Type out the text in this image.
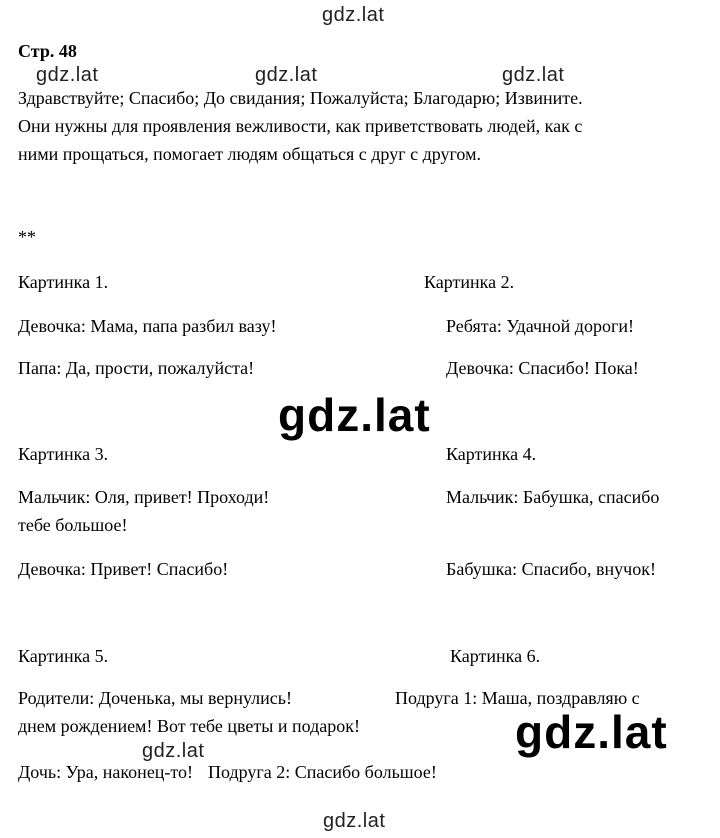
gdz.lat
gdz.lat	gdz.lat	gdz.lat
gdz.lat
gdz.lat
gdz.lat
gdz.lat
Стр. 48
Здравствуйте; Спасибо; До свидания; Пожалуйста; Благодарю; Извините.
Они нужны для проявления вежливости, как приветствовать людей, как с
ними прощаться, помогает людям общаться с друг с другом.
**
Картинка 1.
Девочка: Мама, папа разбил вазу!
Папа: Да, прости, пожалуйста!
Картинка 2.
Ребята: Удачной дороги!
Девочка: Спасибо! Пока!
Картинка 3.
Мальчик: Оля, привет! Проходи!
тебе большое!
Девочка: Привет! Спасибо!
Картинка 4.
Мальчик: Бабушка, спасибо
Бабушка: Спасибо, внучок!
Картинка 5.
Родители: Доченька, мы вернулись!
Дочь: Ура, наконец-то!
Картинка 6.
Подруга 1: Маша, поздравляю с
днем рождением! Вот тебе цветы и подарок!
Подруга 2: Спасибо большое!
